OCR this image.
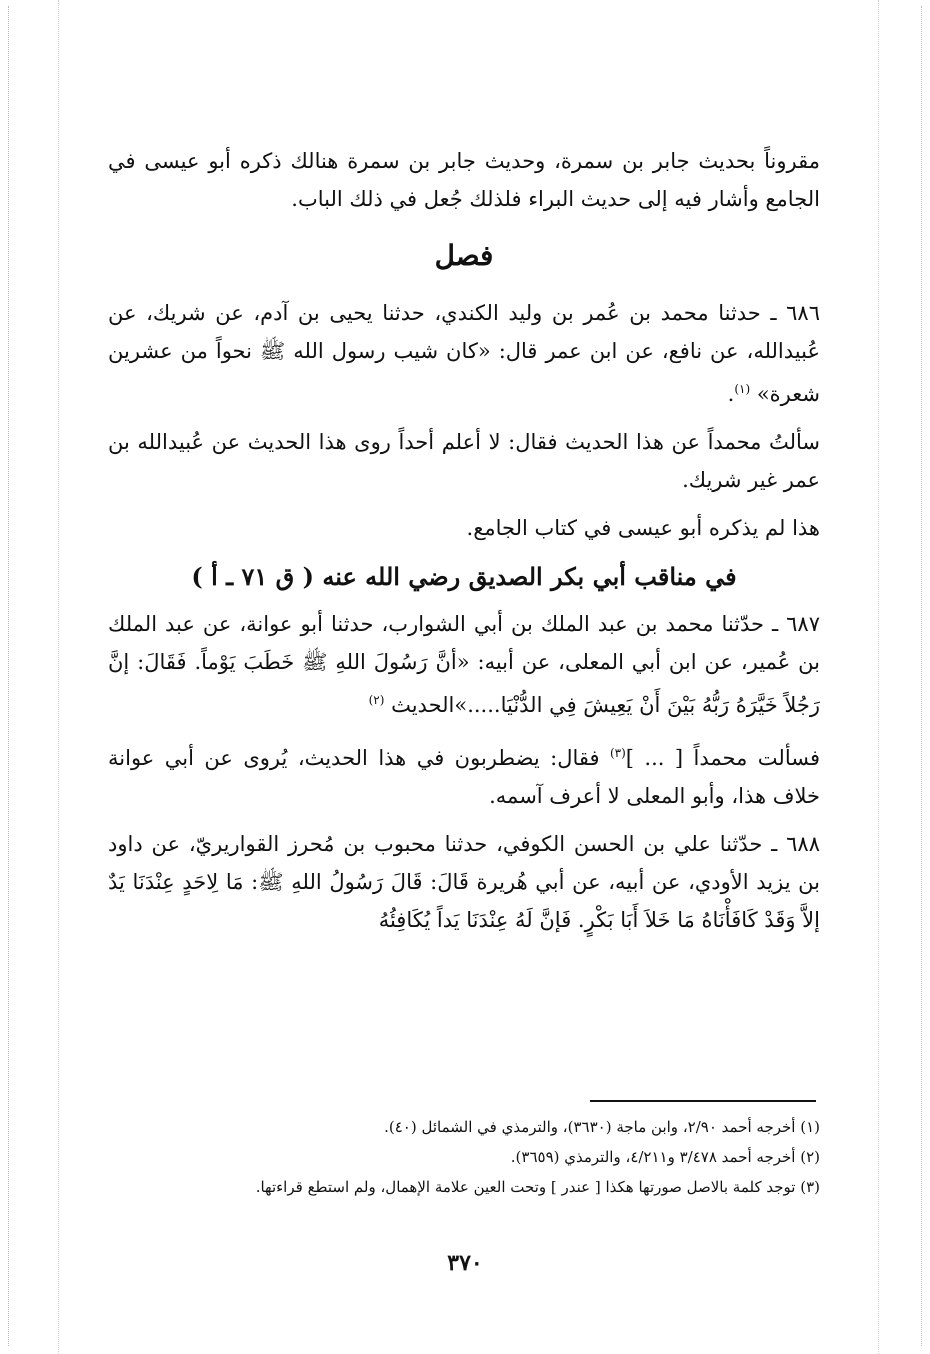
مقروناً بحديث جابر بن سمرة، وحديث جابر بن سمرة هنالك ذكره أبو عيسى في الجامع وأشار فيه إلى حديث البراء فلذلك جُعل في ذلك الباب.

فصل

٦٨٦ ـ حدثنا محمد بن عُمر بن وليد الكندي، حدثنا يحيى بن آدم، عن شريك، عن عُبيدالله، عن نافع، عن ابن عمر قال: «كان شيب رسول الله ﷺ نحواً من عشرين شعرة» $^{(١)}$.

سألتُ محمداً عن هذا الحديث فقال: لا أعلم أحداً روى هذا الحديث عن عُبيدالله بن عمر غير شريك.

هذا لم يذكره أبو عيسى في كتاب الجامع.

في مناقب أبي بكر الصديق رضي الله عنه ( ق ٧١ ـ أ )

٦٨٧ ـ حدّثنا محمد بن عبد الملك بن أبي الشوارب، حدثنا أبو عوانة، عن عبد الملك بن عُمير، عن ابن أبي المعلى، عن أبيه: «أنَّ رَسُولَ اللهِ ﷺ خَطَبَ يَوْماً. فَقَالَ: إنَّ رَجُلاً خَيَّرَهُ رَبُّهُ بَيْنَ أَنْ يَعِيشَ فِي الدُّنْيَا.....»الحديث $^{(٢)}$

فسألت محمداً [ ... ]$^{(٣)}$ فقال: يضطربون في هذا الحديث، يُروى عن أبي عوانة خلاف هذا، وأبو المعلى لا أعرف آسمه.

٦٨٨ ـ حدّثنا علي بن الحسن الكوفي، حدثنا محبوب بن مُحرز القواريريّ، عن داود بن يزيد الأودي، عن أبيه، عن أبي هُريرة قَالَ: قَالَ رَسُولُ اللهِ ﷺ: مَا لِاحَدٍ عِنْدَنَا يَدٌ إلاَّ وَقَدْ كَافَأْنَاهُ مَا خَلاَ أَبَا بَكْرٍ. فَإنَّ لَهُ عِنْدَنَا يَداً يُكَافِئُهُ

(١) أخرجه أحمد ٢/٩٠، وابن ماجة (٣٦٣٠)، والترمذي في الشمائل (٤٠).

(٢) أخرجه أحمد ٣/٤٧٨ و٤/٢١١، والترمذي (٣٦٥٩).

(٣) توجد كلمة بالاصل صورتها هكذا [ عندر ] وتحت العين علامة الإهمال، ولم استطع قراءتها.

٣٧٠
